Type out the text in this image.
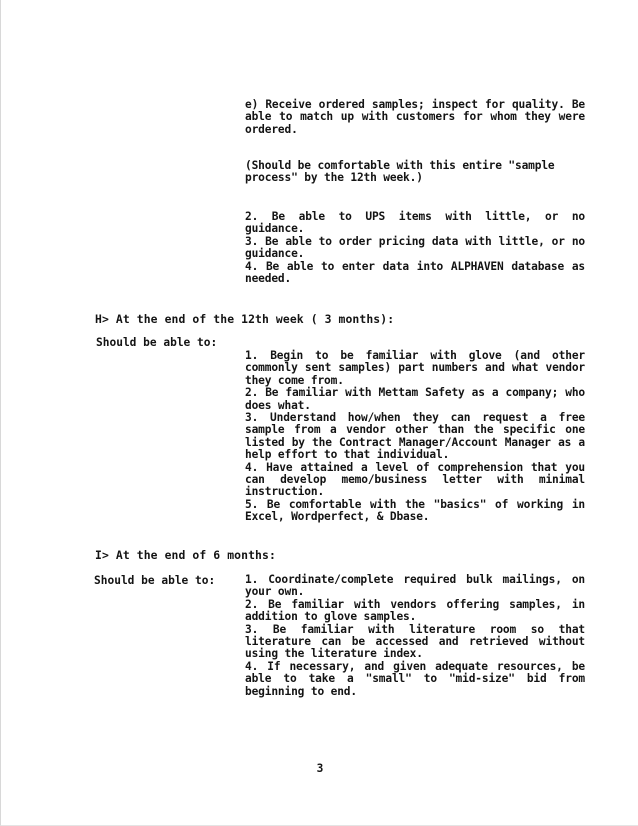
e) Receive ordered samples; inspect for quality. Be able to match up with customers for whom they were ordered.
(Should be comfortable with this entire "sample process" by the 12th week.)
2. Be able to UPS items with little, or no guidance.
3. Be able to order pricing data with little, or no guidance.
4. Be able to enter data into ALPHAVEN database as needed.
H> At the end of the 12th week ( 3 months):
Should be able to:
1. Begin to be familiar with glove (and other commonly sent samples) part numbers and what vendor they come from.
2. Be familiar with Mettam Safety as a company; who does what.
3. Understand how/when they can request a free sample from a vendor other than the specific one listed by the Contract Manager/Account Manager as a help effort to that individual.
4. Have attained a level of comprehension that you can develop memo/business letter with minimal instruction.
5. Be comfortable with the "basics" of working in Excel, Wordperfect, & Dbase.
I> At the end of 6 months:
Should be able to:	1. Coordinate/complete required bulk mailings, on your own.
2. Be familiar with vendors offering samples, in addition to glove samples.
3. Be familiar with literature room so that literature can be accessed and retrieved without using the literature index.
4. If necessary, and given adequate resources, be able to take a "small" to "mid-size" bid from beginning to end.
3
